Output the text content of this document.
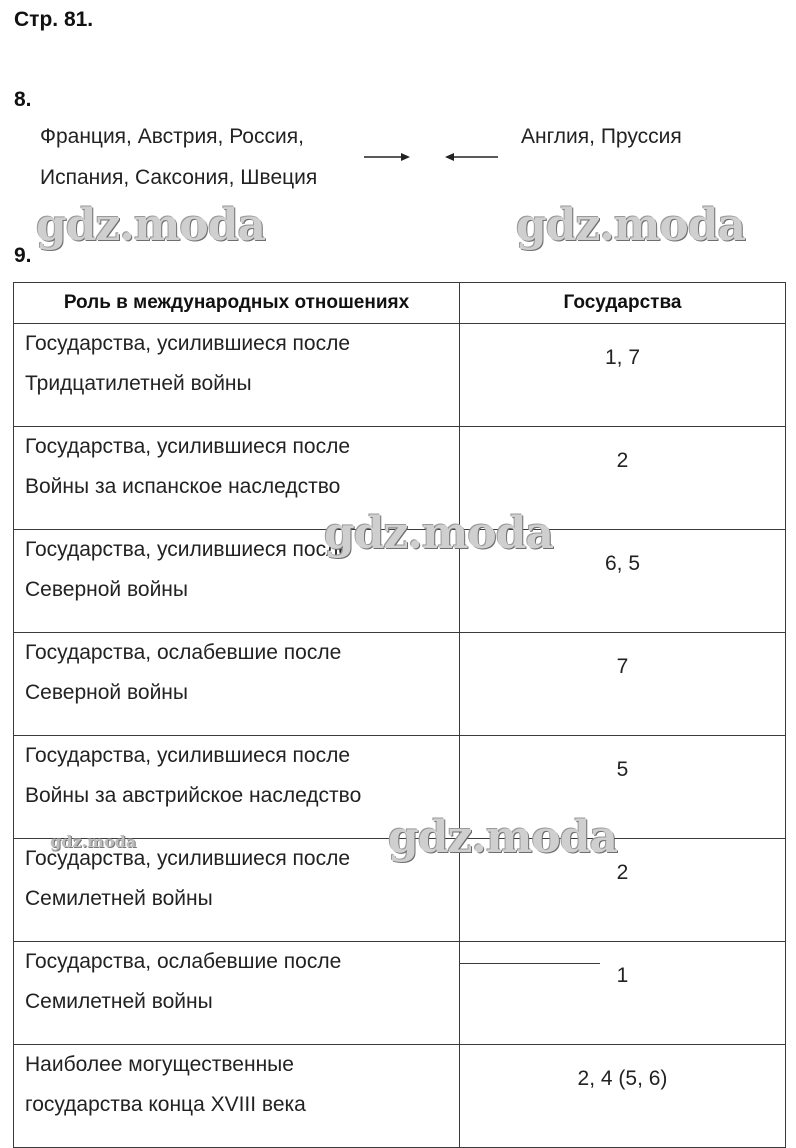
Стр. 81.
8.
Франция, Австрия, Россия,
Испания, Саксония, Швеция
Англия, Пруссия
gdz.moda	gdz.moda
9.
Роль в международных отношениях	Государства

Государства, усилившиеся после
Тридцатилетней войны	1, 7

Государства, усилившиеся после
Войны за испанское наследство	2

Государства, усилившиеся после
Северной войны	6, 5

Государства, ослабевшие после
Северной войны	7

Государства, усилившиеся после
Войны за австрийское наследство	5

Государства, усилившиеся после
Семилетней войны	2

Государства, ослабевшие после
Семилетней войны	1

Наиболее могущественные
государства конца XVIII века	2, 4 (5, 6)
gdz.moda
gdz.moda
gdz.moda
